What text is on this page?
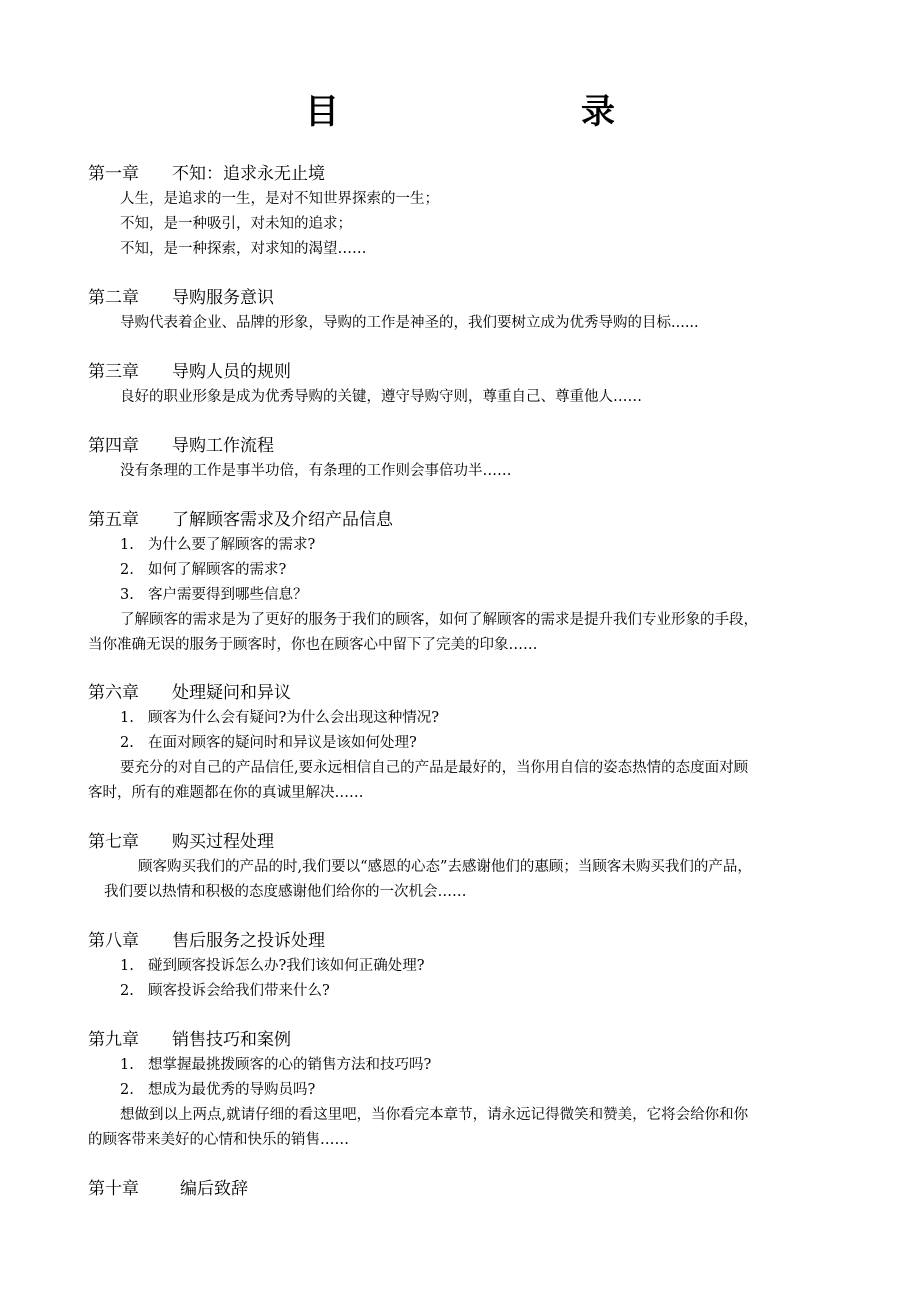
目　　录
第一章 不知：追求永无止境
人生，是追求的一生，是对不知世界探索的一生；
不知，是一种吸引，对未知的追求；
不知，是一种探索，对求知的渴望……
第二章 导购服务意识
导购代表着企业、品牌的形象，导购的工作是神圣的，我们要树立成为优秀导购的目标......
第三章 导购人员的规则
良好的职业形象是成为优秀导购的关键，遵守导购守则，尊重自己、尊重他人……
第四章 导购工作流程
没有条理的工作是事半功倍，有条理的工作则会事倍功半……
第五章 了解顾客需求及介绍产品信息
1. 为什么要了解顾客的需求?
2. 如何了解顾客的需求?
3. 客户需要得到哪些信息？
了解顾客的需求是为了更好的服务于我们的顾客，如何了解顾客的需求是提升我们专业形象的手段，
当你准确无误的服务于顾客时，你也在顾客心中留下了完美的印象……
第六章 处理疑问和异议
1. 顾客为什么会有疑问?为什么会出现这种情况?
2. 在面对顾客的疑问时和异议是该如何处理?
要充分的对自己的产品信任,要永远相信自己的产品是最好的，当你用自信的姿态热情的态度面对顾
客时，所有的难题都在你的真诚里解决……
第七章 购买过程处理
顾客购买我们的产品的时,我们要以“感恩的心态”去感谢他们的惠顾；当顾客未购买我们的产品，
我们要以热情和积极的态度感谢他们给你的一次机会……
第八章 售后服务之投诉处理
1. 碰到顾客投诉怎么办?我们该如何正确处理?
2. 顾客投诉会给我们带来什么?
第九章 销售技巧和案例
1. 想掌握最挑拨顾客的心的销售方法和技巧吗?
2. 想成为最优秀的导购员吗?
想做到以上两点,就请仔细的看这里吧，当你看完本章节，请永远记得微笑和赞美，它将会给你和你
的顾客带来美好的心情和快乐的销售……
第十章 编后致辞
